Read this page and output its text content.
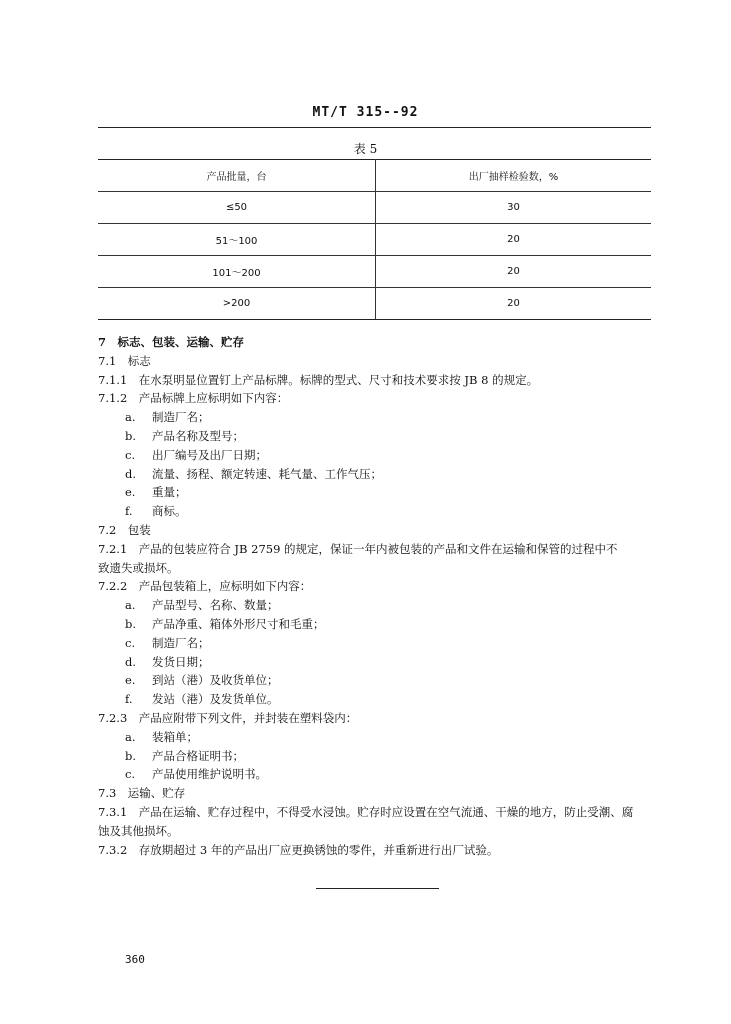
MT/T 315--92
表 5
产品批量，台	出厂抽样检验数，%
≤50	30
51～100	20
101～200	20
>200	20
7　标志、包装、运输、贮存
7.1　标志
7.1.1　在水泵明显位置钉上产品标牌。标牌的型式、尺寸和技术要求按 JB 8 的规定。
7.1.2　产品标牌上应标明如下内容：
a. 制造厂名；
b. 产品名称及型号；
c. 出厂编号及出厂日期；
d. 流量、扬程、额定转速、耗气量、工作气压；
e. 重量；
f. 商标。
7.2　包装
7.2.1　产品的包装应符合 JB 2759 的规定，保证一年内被包装的产品和文件在运输和保管的过程中不
致遗失或损坏。
7.2.2　产品包装箱上，应标明如下内容：
a. 产品型号、名称、数量；
b. 产品净重、箱体外形尺寸和毛重；
c. 制造厂名；
d. 发货日期；
e. 到站（港）及收货单位；
f. 发站（港）及发货单位。
7.2.3　产品应附带下列文件，并封装在塑料袋内：
a. 装箱单；
b. 产品合格证明书；
c. 产品使用维护说明书。
7.3　运输、贮存
7.3.1　产品在运输、贮存过程中，不得受水浸蚀。贮存时应设置在空气流通、干燥的地方，防止受潮、腐
蚀及其他损坏。
7.3.2　存放期超过 3 年的产品出厂应更换锈蚀的零件，并重新进行出厂试验。
360
